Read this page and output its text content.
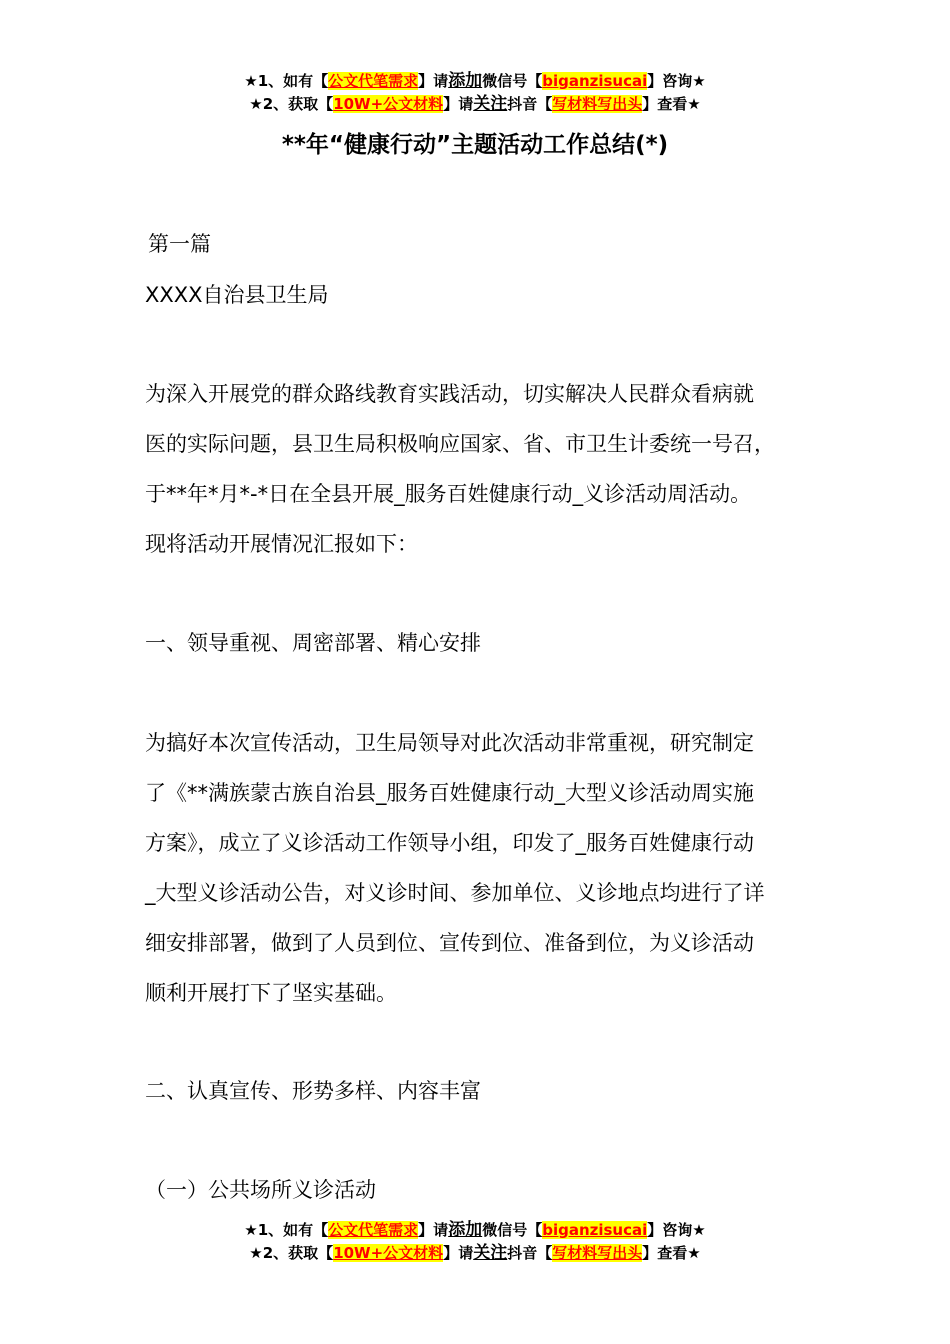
★1、如有【公文代笔需求】请添加微信号【biganzisucai】咨询★
★2、获取【10W+公文材料】请关注抖音【写材料写出头】查看★
**年“健康行动”主题活动工作总结(*)
第一篇
XXXX自治县卫生局
为深入开展党的群众路线教育实践活动，切实解决人民群众看病就
医的实际问题，县卫生局积极响应国家、省、市卫生计委统一号召，
于**年*月*-*日在全县开展_服务百姓健康行动_义诊活动周活动。
现将活动开展情况汇报如下：
一、领导重视、周密部署、精心安排
为搞好本次宣传活动，卫生局领导对此次活动非常重视，研究制定
了《**满族蒙古族自治县_服务百姓健康行动_大型义诊活动周实施
方案》，成立了义诊活动工作领导小组，印发了_服务百姓健康行动
_大型义诊活动公告，对义诊时间、参加单位、义诊地点均进行了详
细安排部署，做到了人员到位、宣传到位、准备到位，为义诊活动
顺利开展打下了坚实基础。
二、认真宣传、形势多样、内容丰富
（一）公共场所义诊活动
★1、如有【公文代笔需求】请添加微信号【biganzisucai】咨询★
★2、获取【10W+公文材料】请关注抖音【写材料写出头】查看★
